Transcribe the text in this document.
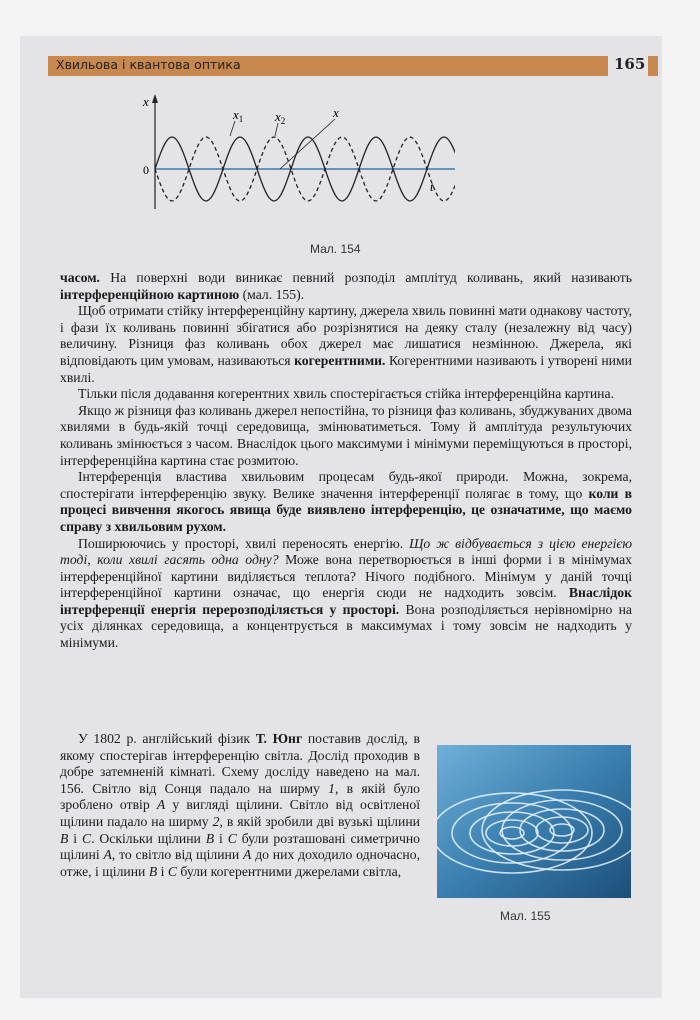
Хвильова і квантова оптика	165
x
0
$x_1$ $x_2$
x
t
Мал. 154

часом. На поверхні води виникає певний розподіл амплітуд коливань, який називають інтерференційною картиною (мал. 155).

Щоб отримати стійку інтерференційну картину, джерела хвиль повинні мати однакову частоту, і фази їх коливань повинні збігатися або розрізнятися на деяку сталу (незалежну від часу) величину. Різниця фаз коливань обох джерел має лишатися незмінною. Джерела, які відповідають цим умовам, називаються когерентними. Когерентними називають і утворені ними хвилі.

Тільки після додавання когерентних хвиль спостерігається стійка інтерференційна картина.

Якщо ж різниця фаз коливань джерел непостійна, то різниця фаз коливань, збуджуваних двома хвилями в будь-якій точці середовища, змінюватиметься. Тому й амплітуда результуючих коливань змінюється з часом. Внаслідок цього максимуми і мінімуми переміщуються в просторі, інтерференційна картина стає розмитою.

Інтерференція властива хвильовим процесам будь-якої природи. Можна, зокрема, спостерігати інтерференцію звуку. Велике значення інтерференції полягає в тому, що коли в процесі вивчення якогось явища буде виявлено інтерференцію, це означатиме, що маємо справу з хвильовим рухом.

Поширюючись у просторі, хвилі переносять енергію. Що ж відбувається з цією енергією тоді, коли хвилі гасять одна одну? Може вона перетворюється в інші форми і в мінімумах інтерференційної картини виділяється теплота? Нічого подібного. Мінімум у даній точці інтерференційної картини означає, що енергія сюди не надходить зовсім. Внаслідок інтерференції енергія перерозподіляється у просторі. Вона розподіляється нерівномірно на усіх ділянках середовища, а концентрується в максимумах і тому зовсім не надходить у мінімуми.

У 1802 р. англійський фізик Т. Юнг поставив дослід, в якому спостерігав інтерференцію світла. Дослід проходив в добре затемненій кімнаті. Схему досліду наведено на мал. 156. Світло від Сонця падало на ширму 1, в якій було зроблено отвір А у вигляді щілини. Світло від освітленої щілини падало на ширму 2, в якій зробили дві вузькі щілини В і С. Оскільки щілини В і С були розташовані симетрично щілині А, то світло від щілини А до них доходило одночасно, отже, і щілини В і С були когерентними джерелами світла,

Мал. 155
